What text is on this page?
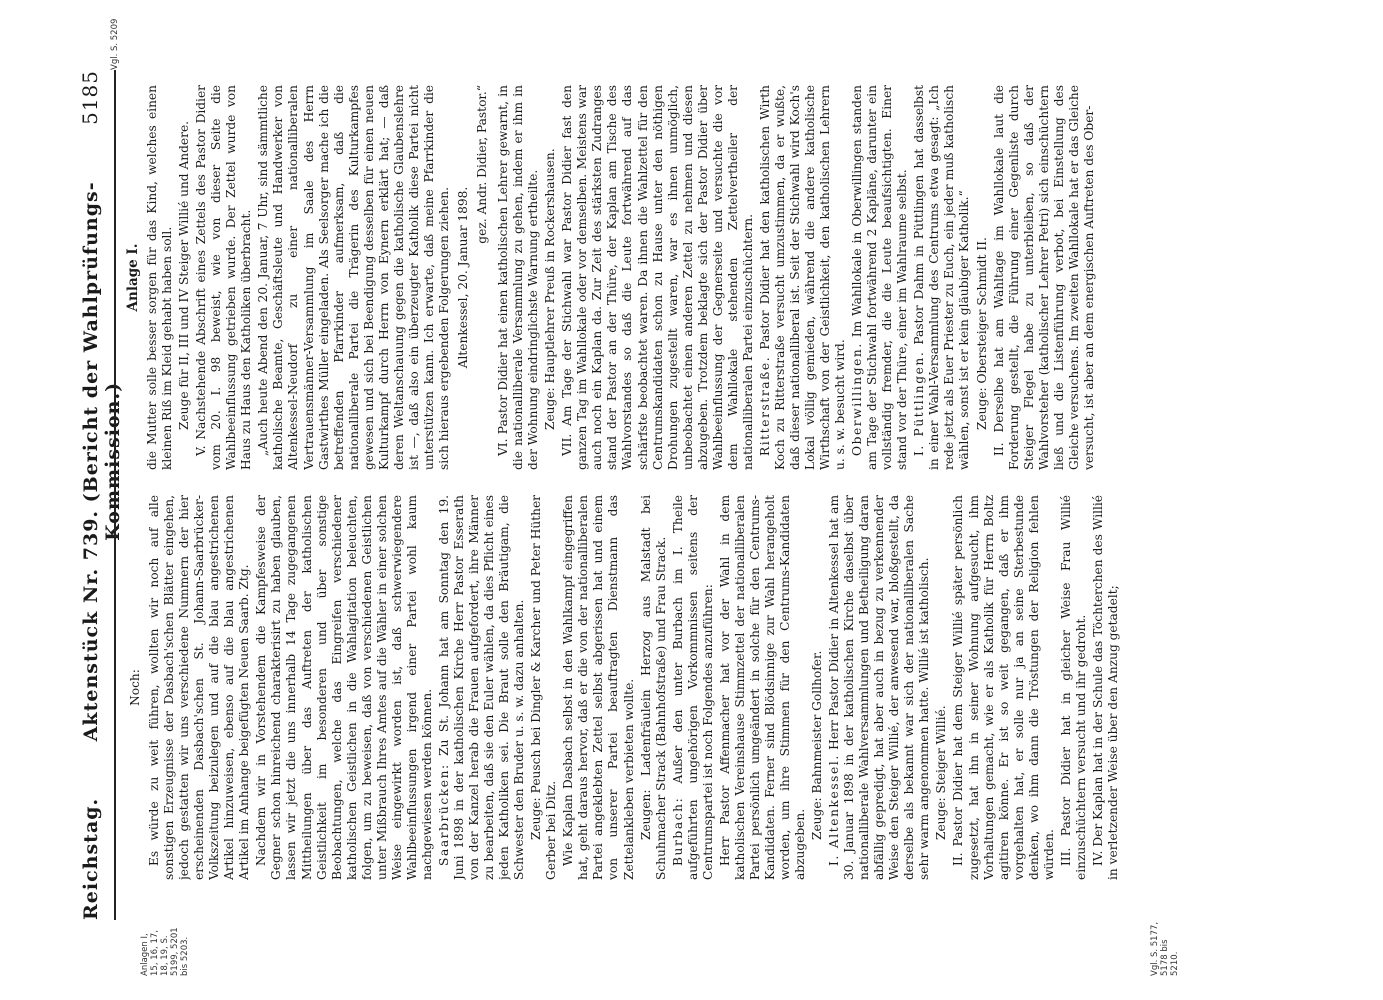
Reichstag.
Aktenstück Nr. 739. (Bericht der Wahlprüfungs-Kommission.)
5185
Anlagen I, 15, 16, 17, 18, 19, S. 5199, 5201 bis 5203.	Vgl. S. 5177, 5178 bis 5210.
Vgl. S. 5209

Noch: Es würde zu weit führen, wollten wir noch auf alle sonstigen Erzeugnisse der Dasbach'schen Blätter eingehen, jedoch gestatten wir uns verschiedene Nummern der hier erscheinenden Dasbach'schen St. Johann-Saarbrücker-Volkszeitung beizulegen und auf die blau angestrichenen Artikel hinzuweisen, ebenso auf die blau angestrichenen Artikel im Anhange beigefügten Neuen Saarb. Ztg. Nachdem wir in Vorstehendem die Kampfesweise der Gegner schon hinreichend charakterisirt zu haben glauben, lassen wir jetzt die uns innerhalb 14 Tage zugegangenen Mittheilungen über das Auftreten der katholischen Geistlichkeit im besonderen und über sonstige Beobachtungen, welche das Eingreifen verschiedener katholischen Geistlichen in die Wahlagitation beleuchten, folgen, um zu beweisen, daß von verschiedenen Geistlichen unter Mißbrauch Ihres Amtes auf die Wähler in einer solchen Weise eingewirkt worden ist, daß schwerwiegendere Wahlbeeinflussungen irgend einer Partei wohl kaum nachgewiesen werden können. Saarbrücken: Zu St. Johann hat am Sonntag den 19. Juni 1898 in der katholischen Kirche Herr Pastor Esserath von der Kanzel herab die Frauen aufgefordert, ihre Männer zu bearbeiten, daß sie den Euler wählen, da dies Pflicht eines jeden Katholiken sei. Die Braut solle den Bräutigam, die Schwester den Bruder u. s. w. dazu anhalten. Zeuge: Peusch bei Dingler & Karcher und Peter Hüther Gerber bei Ditz. Wie Kaplan Dasbach selbst in den Wahlkampf eingegriffen hat, geht daraus hervor, daß er die von der nationalliberalen Partei angeklebten Zettel selbst abgerissen hat und einem von unserer Partei beauftragten Dienstmann das Zettelankleben verbieten wollte. Zeugen: Ladenfräulein Herzog aus Malstadt bei Schuhmacher Strack (Bahnhofstraße) und Frau Strack. Burbach: Außer den unter Burbach im I. Theile aufgeführten ungehörigen Vorkommnissen seitens der Centrumspartei ist noch Folgendes anzuführen: Herr Pastor Affenmacher hat vor der Wahl in dem katholischen Vereinshause Stimmzettel der nationalliberalen Partei persönlich umgeändert in solche für den Centrums-Kandidaten. Ferner sind Blödsinnige zur Wahl herangeholt worden, um ihre Stimmen für den Centrums-Kandidaten abzugeben.

Zeuge: Bahnmeister Gollhofer. I. Altenkessel. Herr Pastor Didier in Altenkessel hat am 30. Januar 1898 in der katholischen Kirche daselbst über nationalliberale Wahlversammlungen und Betheiligung daran abfällig gepredigt, hat aber auch in bezug zu verkennender Weise den Steiger Willié, der anwesend war, bloßgestellt, da derselbe als bekannt war sich der nationalliberalen Sache sehr warm angenommen hatte. Willié ist katholisch. Zeuge: Steiger Willié. II. Pastor Didier hat dem Steiger Willié später persönlich zugesetzt, hat ihn in seiner Wohnung aufgesucht, ihm Vorhaltungen gemacht, wie er als Katholik für Herrn Boltz agitiren könne. Er ist so weit gegangen, daß er ihm vorgehalten hat, er solle nur ja an seine Sterbestunde denken, wo ihm dann die Tröstungen der Religion fehlen würden. III. Pastor Didier hat in gleicher Weise Frau Willié einzuschüchtern versucht und ihr gedroht. IV. Der Kaplan hat in der Schule das Töchterchen des Willié in verletzender Weise über den Anzug getadelt;

Anlage I. die Mutter solle besser sorgen für das Kind, welches einen kleinen Riß im Kleid gehabt haben soll. Zeuge für II, III und IV Steiger Willié und Andere. V. Nachstehende Abschrift eines Zettels des Pastor Didier vom 20. I. 98 beweist, wie von dieser Seite die Wahlbeeinflussung getrieben wurde. Der Zettel wurde von Haus zu Haus den Katholiken überbracht. „Auch heute Abend den 20. Januar, 7 Uhr, sind sämmtliche katholische Beamte, Geschäftsleute und Handwerker von Altenkessel-Neudorf zu einer nationalliberalen Vertrauensmänner-Versammlung im Saale des Herrn Gastwirthes Müller eingeladen. Als Seelsorger mache ich die betreffenden Pfarrkinder aufmerksam, daß die nationalliberale Partei die Trägerin des Kulturkampfes gewesen und sich bei Beendigung desselben für einen neuen Kulturkampf durch Herrn von Eynern erklärt hat; — daß deren Weltanschauung gegen die katholische Glaubenslehre ist —, daß also ein überzeugter Katholik diese Partei nicht unterstützen kann. Ich erwarte, daß meine Pfarrkinder die sich hieraus ergebenden Folgerungen ziehen. Altenkessel, 20. Januar 1898.

gez. Andr. Didier, Pastor.“ VI. Pastor Didier hat einen katholischen Lehrer gewarnt, in die nationalliberale Versammlung zu gehen, indem er ihm in der Wohnung eindringlichste Warnung ertheilte. Zeuge: Hauptlehrer Preuß in Rockershausen. VII. Am Tage der Stichwahl war Pastor Didier fast den ganzen Tag im Wahllokale oder vor demselben. Meistens war auch noch ein Kaplan da. Zur Zeit des stärksten Zudranges stand der Pastor an der Thüre, der Kaplan am Tische des Wahlvorstandes so daß die Leute fortwährend auf das schärfste beobachtet waren. Da ihnen die Wahlzettel für den Centrumskandidaten schon zu Hause unter den nöthigen Drohungen zugestellt waren, war es ihnen unmöglich, unbeobachtet einen anderen Zettel zu nehmen und diesen abzugeben. Trotzdem beklagte sich der Pastor Didier über Wahlbeeinflussung der Gegnerseite und versuchte die vor dem Wahllokale stehenden Zettelvertheiler der nationalliberalen Partei einzuschüchtern. Ritterstraße. Pastor Didier hat den katholischen Wirth Koch zu Ritterstraße versucht umzustimmen, da er wußte, daß dieser nationalliberal ist. Seit der Stichwahl wird Koch's Lokal völlig gemieden, während die andere katholische Wirthschaft von der Geistlichkeit, den katholischen Lehrern u. s. w. besucht wird. Oberwillingen. Im Wahllokale in Oberwillingen standen am Tage der Stichwahl fortwährend 2 Kapläne, darunter ein vollständig fremder, die die Leute beaufsichtigten. Einer stand vor der Thüre, einer im Wahlraume selbst. I. Püttlingen. Pastor Dahm in Püttlingen hat dasselbst in einer Wahl-Versammlung des Centrums etwa gesagt: „Ich rede jetzt als Euer Priester zu Euch, ein jeder muß katholisch wählen, sonst ist er kein gläubiger Katholik.“ Zeuge: Obersteiger Schmidt II. II. Derselbe hat am Wahltage im Wahllokale laut die Forderung gestellt, die Führung einer Gegenliste durch Steiger Flegel habe zu unterbleiben, so daß der Wahlvorsteher (katholischer Lehrer Petri) sich einschüchtern ließ und die Listenführung verbot, bei Einstellung des Gleiche versuchens. Im zweiten Wahllokale hat er das Gleiche versucht, ist aber an dem energischen Auftreten des Ober-
